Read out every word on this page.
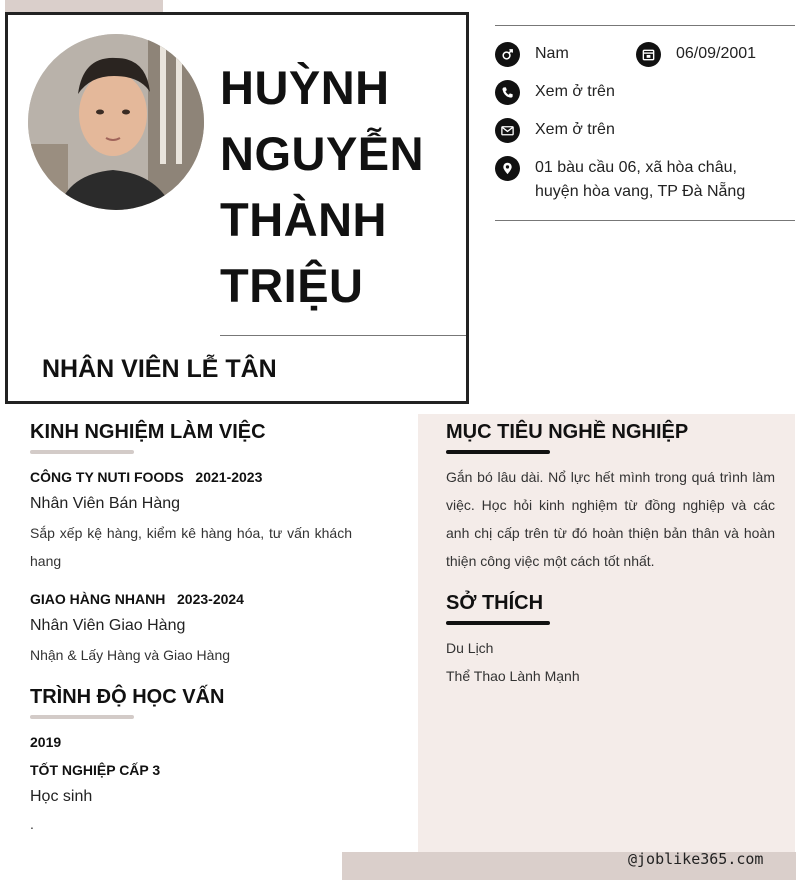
HUỲNH
NGUYỄN
THÀNH
TRIỆU
NHÂN VIÊN LỄ TÂN
Nam	06/09/2001
Xem ở trên
Xem ở trên
01 bàu cầu 06, xã hòa châu,
huyện hòa vang, TP Đà Nẵng
KINH NGHIỆM LÀM VIỆC
CÔNG TY NUTI FOODS 2021-2023
Nhân Viên Bán Hàng
Sắp xếp kệ hàng, kiểm kê hàng hóa, tư vấn khách hang
GIAO HÀNG NHANH 2023-2024
Nhân Viên Giao Hàng
Nhận & Lấy Hàng và Giao Hàng
TRÌNH ĐỘ HỌC VẤN
2019
TỐT NGHIỆP CẤP 3
Học sinh
.
MỤC TIÊU NGHỀ NGHIỆP
Gắn bó lâu dài. Nổ lực hết mình trong quá trình làm việc. Học hỏi kinh nghiệm từ đồng nghiệp và các anh chị cấp trên từ đó hoàn thiện bản thân và hoàn thiện công việc một cách tốt nhất.
SỞ THÍCH
Du Lịch
Thể Thao Lành Mạnh
@joblike365.com
